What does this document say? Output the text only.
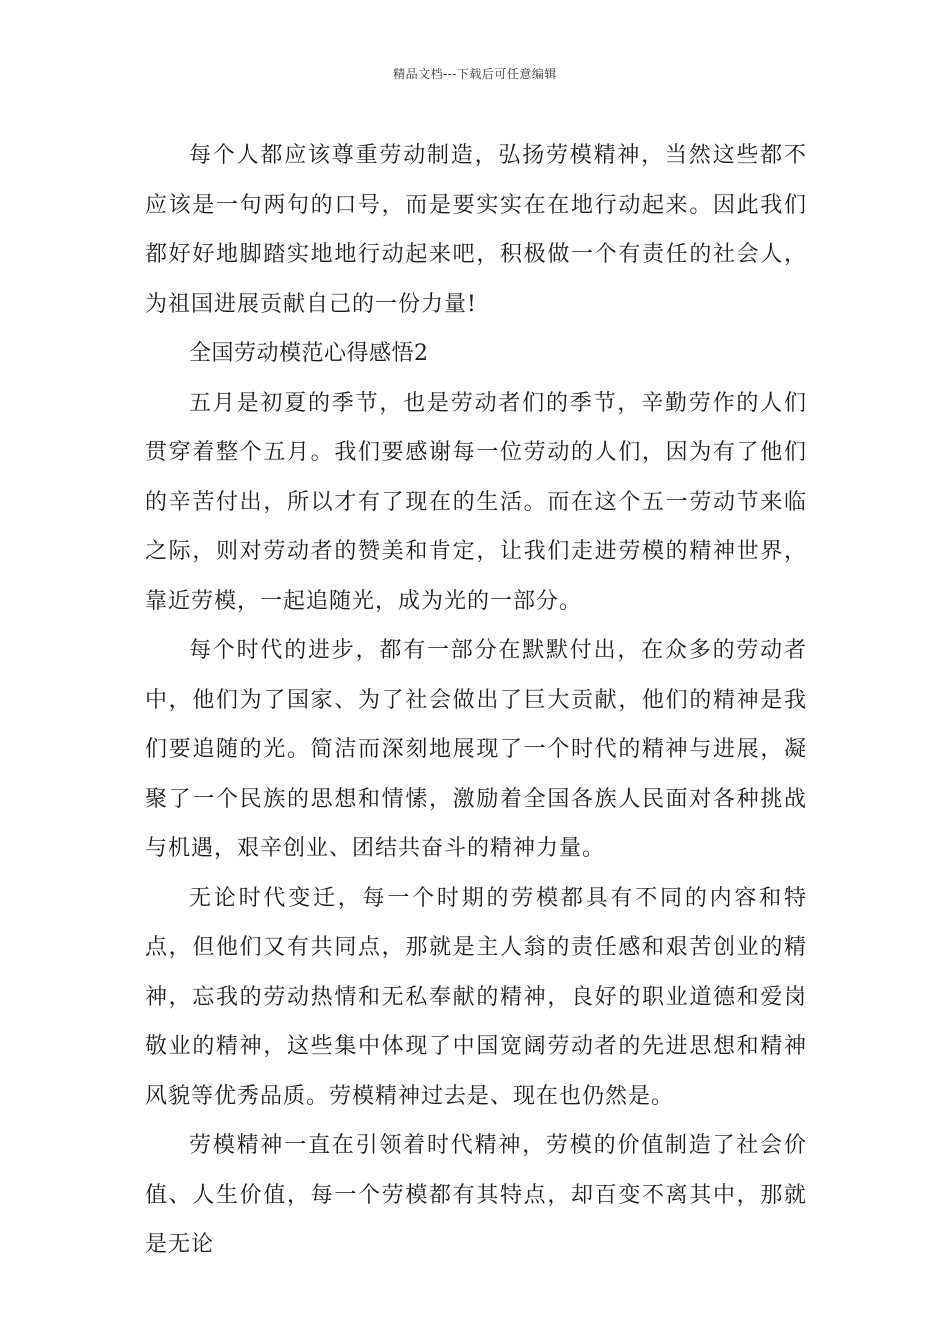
精品文档---下载后可任意编辑

每个人都应该尊重劳动制造，弘扬劳模精神，当然这些都不应该是一句两句的口号，而是要实实在在地行动起来。因此我们都好好地脚踏实地地行动起来吧，积极做一个有责任的社会人，为祖国进展贡献自己的一份力量!

全国劳动模范心得感悟2

五月是初夏的季节，也是劳动者们的季节，辛勤劳作的人们贯穿着整个五月。我们要感谢每一位劳动的人们，因为有了他们的辛苦付出，所以才有了现在的生活。而在这个五一劳动节来临之际，则对劳动者的赞美和肯定，让我们走进劳模的精神世界，靠近劳模，一起追随光，成为光的一部分。

每个时代的进步，都有一部分在默默付出，在众多的劳动者中，他们为了国家、为了社会做出了巨大贡献，他们的精神是我们要追随的光。简洁而深刻地展现了一个时代的精神与进展，凝聚了一个民族的思想和情愫，激励着全国各族人民面对各种挑战与机遇，艰辛创业、团结共奋斗的精神力量。

无论时代变迁，每一个时期的劳模都具有不同的内容和特点，但他们又有共同点，那就是主人翁的责任感和艰苦创业的精神，忘我的劳动热情和无私奉献的精神，良好的职业道德和爱岗敬业的精神，这些集中体现了中国宽阔劳动者的先进思想和精神风貌等优秀品质。劳模精神过去是、现在也仍然是。

劳模精神一直在引领着时代精神，劳模的价值制造了社会价值、人生价值，每一个劳模都有其特点，却百变不离其中，那就是无论
